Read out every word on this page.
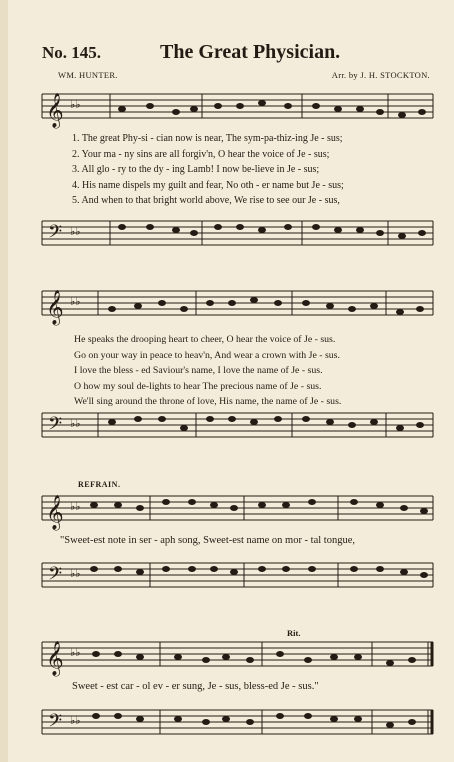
No. 145.	The Great Physician.
WM. HUNTER.	Arr. by J. H. STOCKTON.
𝄞 ♭♭
1. The great Phy-si - cian now is near, The sym-pa-thiz-ing Je - sus;
2. Your ma - ny sins are all forgiv'n, O hear the voice of Je - sus;
3. All glo - ry to the dy - ing Lamb! I now be-lieve in Je - sus;
4. His name dispels my guilt and fear, No oth - er name but Je - sus;
5. And when to that bright world above, We rise to see our Je - sus,
𝄢 ♭♭
𝄞 ♭♭
He speaks the drooping heart to cheer, O hear the voice of Je - sus.
Go on your way in peace to heav'n, And wear a crown with Je - sus.
I love the bless - ed Saviour's name, I love the name of Je - sus.
O how my soul de-lights to hear The precious name of Je - sus.
We'll sing around the throne of love, His name, the name of Je - sus.
𝄢 ♭♭
REFRAIN.
𝄞 ♭♭
"Sweet-est note in ser - aph song, Sweet-est name on mor - tal tongue,
𝄢 ♭♭
Rit.
𝄞 ♭♭
Sweet - est car - ol ev - er sung, Je - sus, bless-ed Je - sus."
𝄢 ♭♭
